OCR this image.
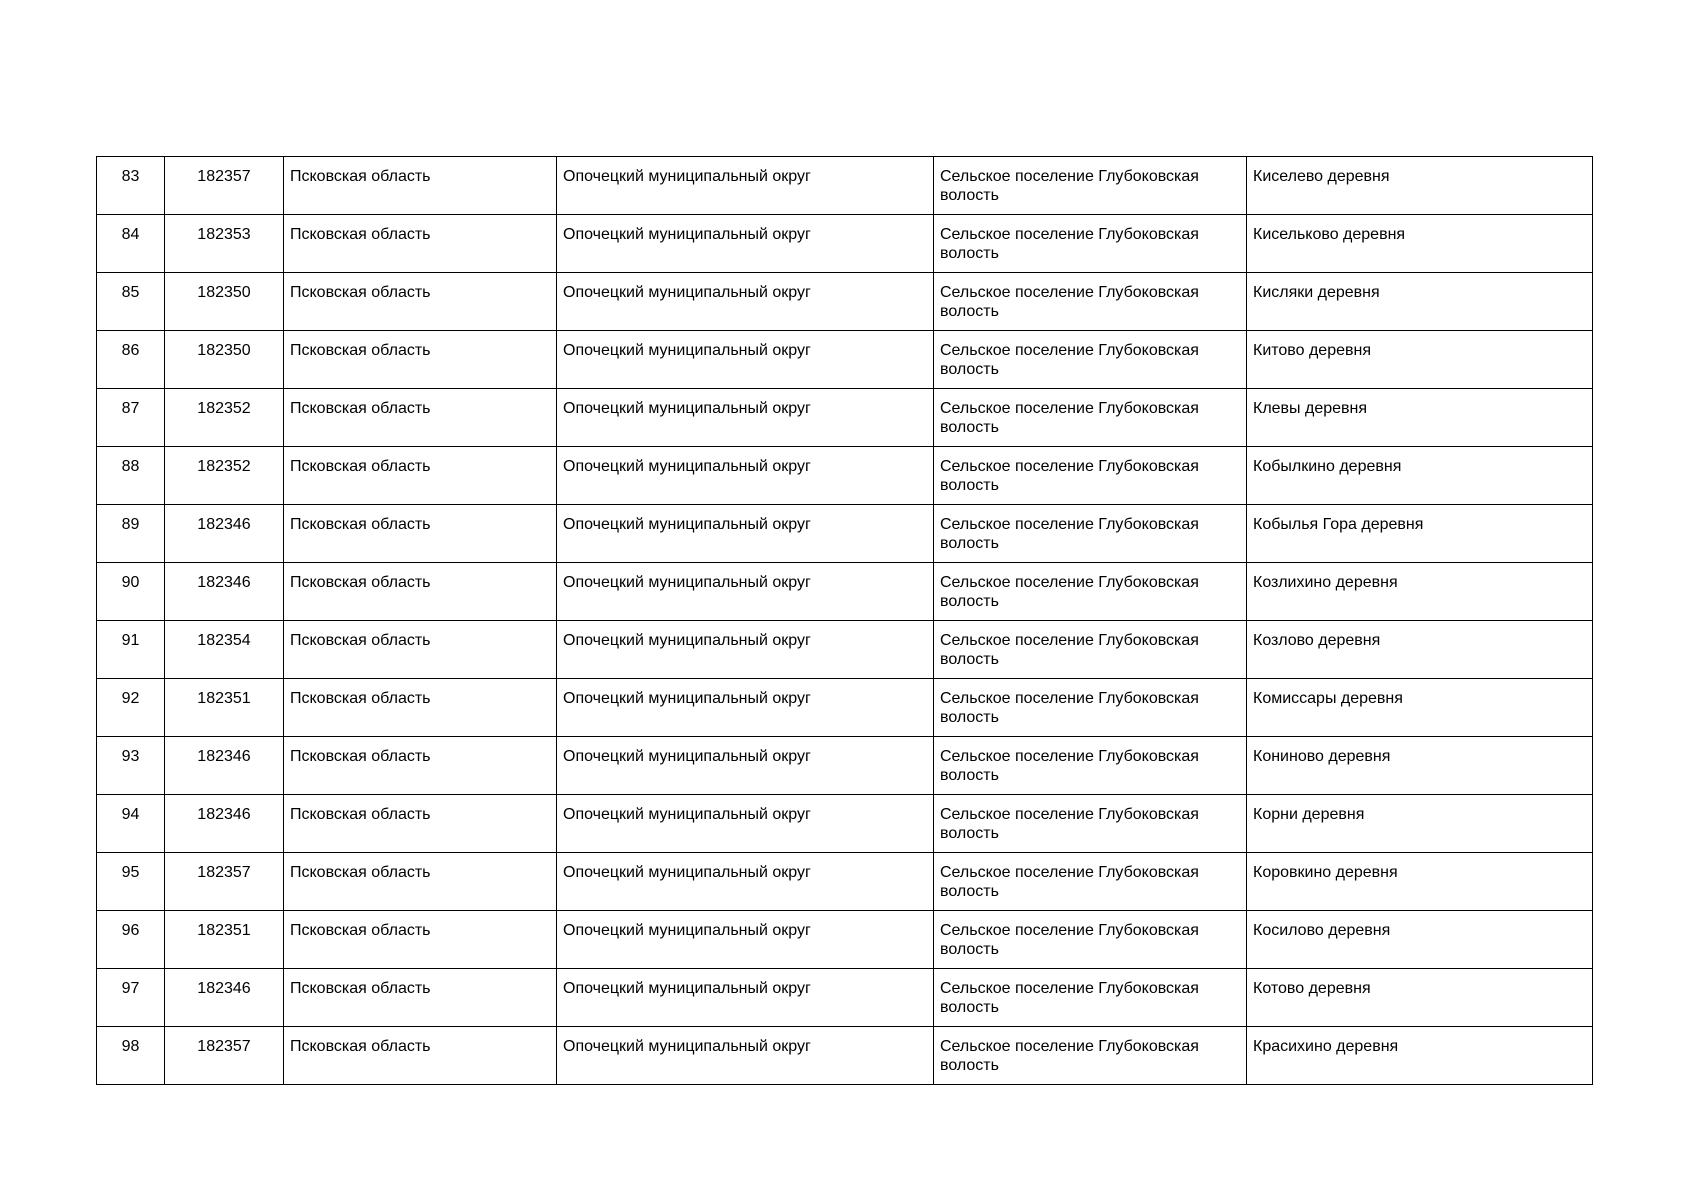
83	182357	Псковская область	Опочецкий муниципальный округ	Сельское поселение Глубоковская волость	Киселево деревня
84	182353	Псковская область	Опочецкий муниципальный округ	Сельское поселение Глубоковская волость	Кисельково деревня
85	182350	Псковская область	Опочецкий муниципальный округ	Сельское поселение Глубоковская волость	Кисляки деревня
86	182350	Псковская область	Опочецкий муниципальный округ	Сельское поселение Глубоковская волость	Китово деревня
87	182352	Псковская область	Опочецкий муниципальный округ	Сельское поселение Глубоковская волость	Клевы деревня
88	182352	Псковская область	Опочецкий муниципальный округ	Сельское поселение Глубоковская волость	Кобылкино деревня
89	182346	Псковская область	Опочецкий муниципальный округ	Сельское поселение Глубоковская волость	Кобылья Гора деревня
90	182346	Псковская область	Опочецкий муниципальный округ	Сельское поселение Глубоковская волость	Козлихино деревня
91	182354	Псковская область	Опочецкий муниципальный округ	Сельское поселение Глубоковская волость	Козлово деревня
92	182351	Псковская область	Опочецкий муниципальный округ	Сельское поселение Глубоковская волость	Комиссары деревня
93	182346	Псковская область	Опочецкий муниципальный округ	Сельское поселение Глубоковская волость	Кониново деревня
94	182346	Псковская область	Опочецкий муниципальный округ	Сельское поселение Глубоковская волость	Корни деревня
95	182357	Псковская область	Опочецкий муниципальный округ	Сельское поселение Глубоковская волость	Коровкино деревня
96	182351	Псковская область	Опочецкий муниципальный округ	Сельское поселение Глубоковская волость	Косилово деревня
97	182346	Псковская область	Опочецкий муниципальный округ	Сельское поселение Глубоковская волость	Котово деревня
98	182357	Псковская область	Опочецкий муниципальный округ	Сельское поселение Глубоковская волость	Красихино деревня
